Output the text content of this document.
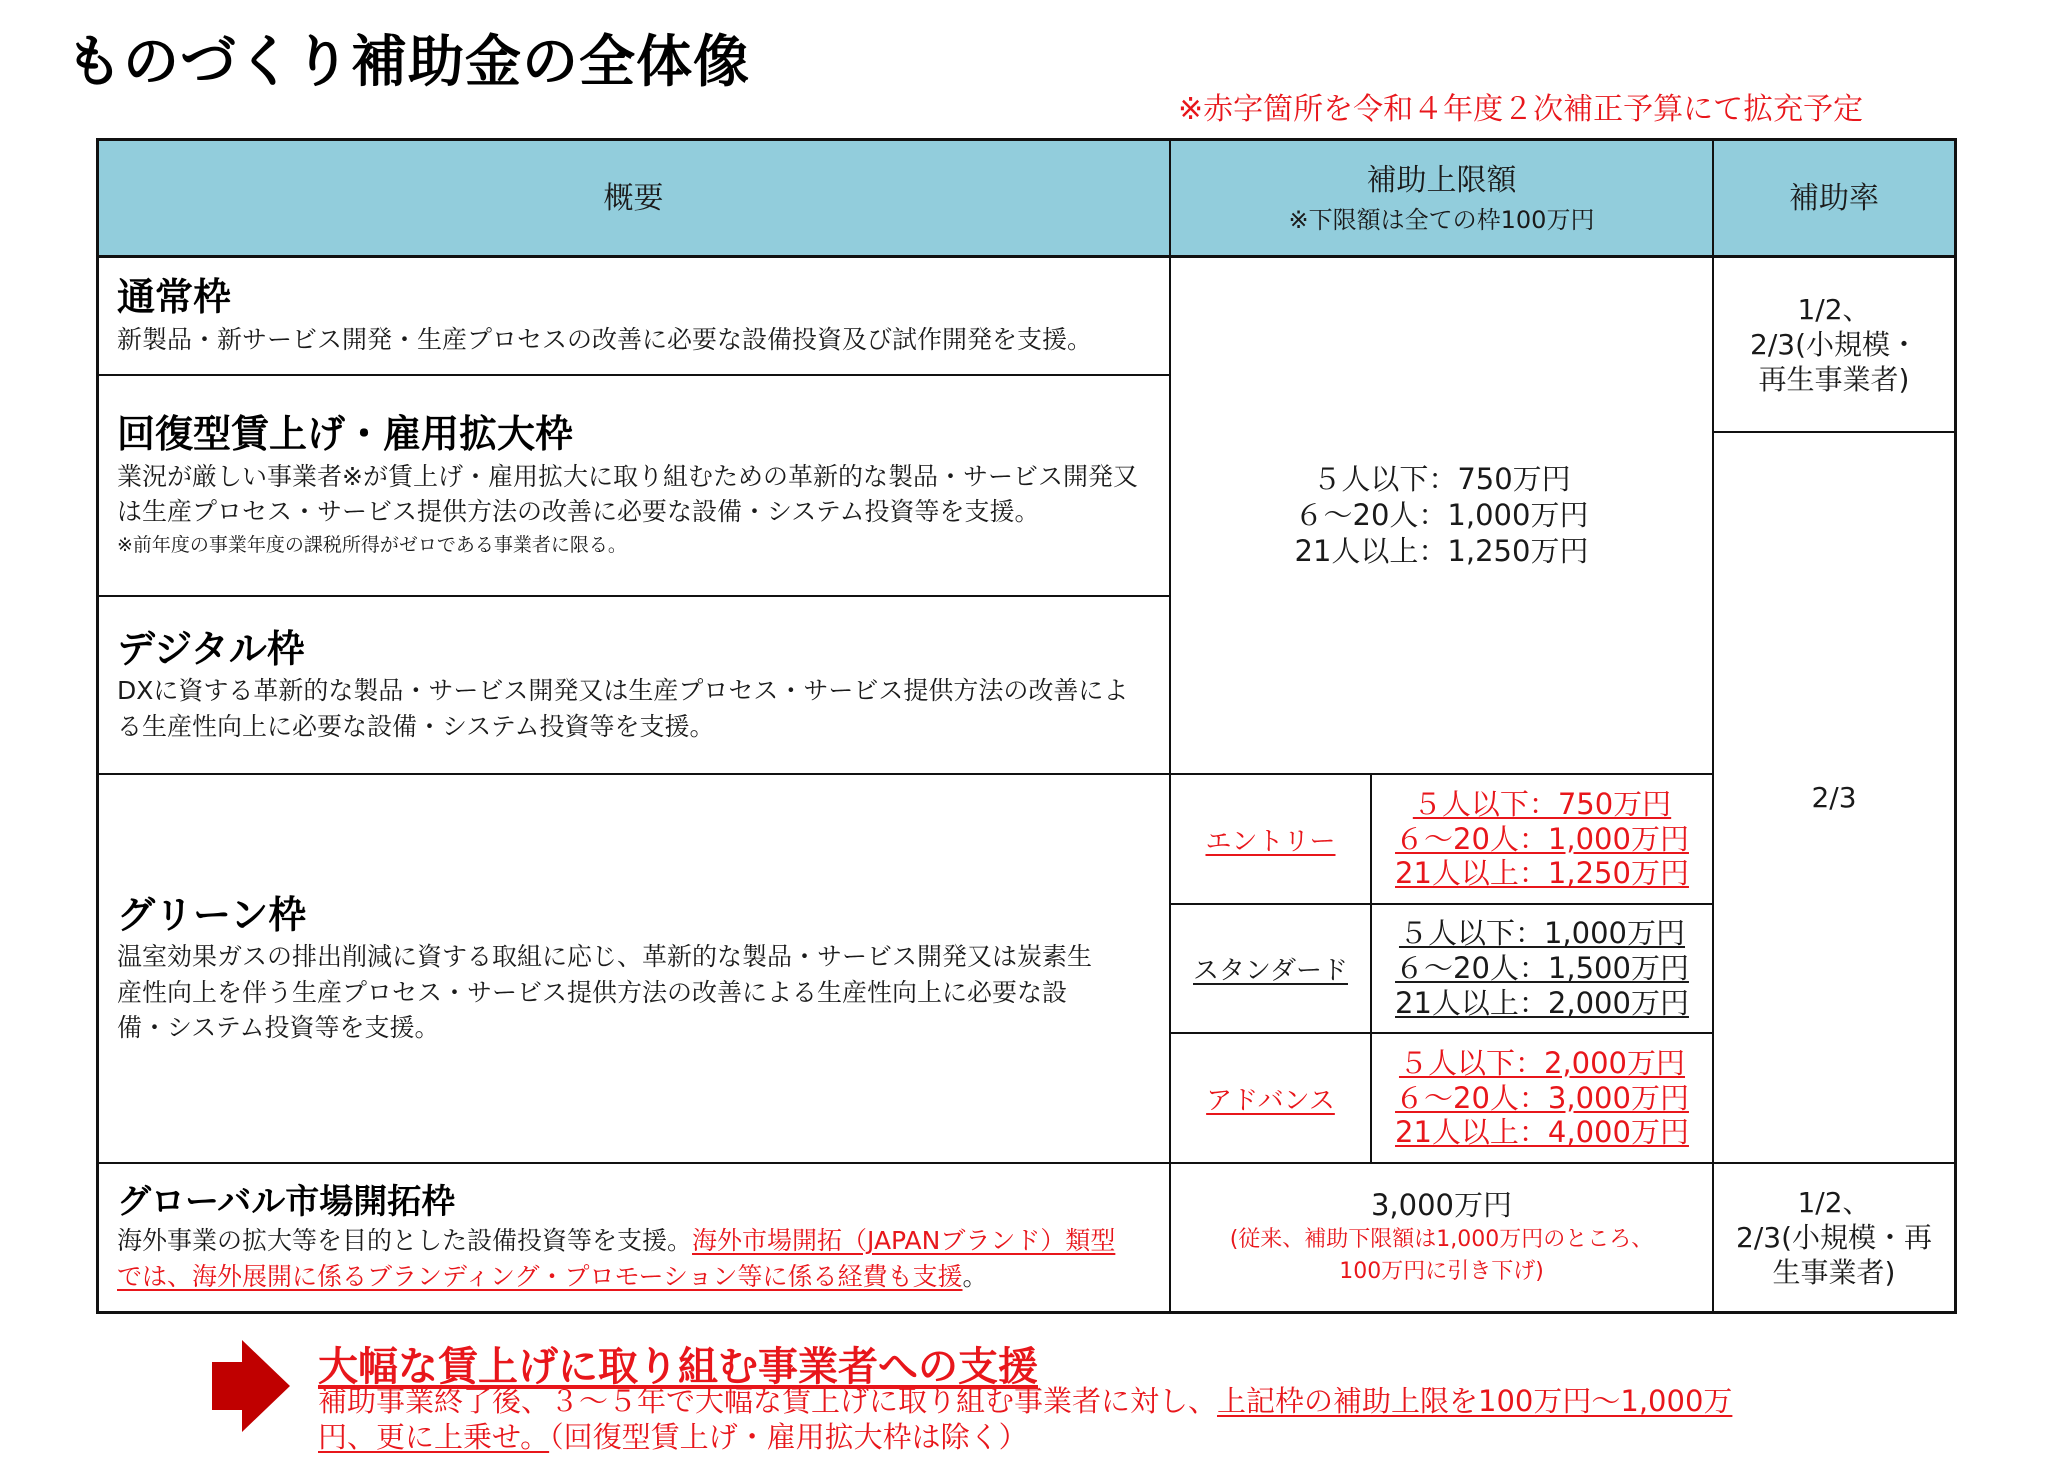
ものづくり補助金の全体像
※赤字箇所を令和４年度２次補正予算にて拡充予定
概要	補助上限額
※下限額は全ての枠100万円
補助率
通常枠
新製品・新サービス開発・生産プロセスの改善に必要な設備投資及び試作開発を支援。
回復型賃上げ・雇用拡大枠
業況が厳しい事業者※が賃上げ・雇用拡大に取り組むための革新的な製品・サービス開発又は生産プロセス・サービス提供方法の改善に必要な設備・システム投資等を支援。
※前年度の事業年度の課税所得がゼロである事業者に限る。
デジタル枠
DXに資する革新的な製品・サービス開発又は生産プロセス・サービス提供方法の改善による生産性向上に必要な設備・システム投資等を支援。
グリーン枠
温室効果ガスの排出削減に資する取組に応じ、革新的な製品・サービス開発又は炭素生産性向上を伴う生産プロセス・サービス提供方法の改善による生産性向上に必要な設備・システム投資等を支援。
グローバル市場開拓枠
海外事業の拡大等を目的とした設備投資等を支援。海外市場開拓（JAPANブランド）類型では、海外展開に係るブランディング・プロモーション等に係る経費も支援。
５人以下：750万円
６～20人：1,000万円
21人以上：1,250万円
エントリー
５人以下：750万円
６～20人：1,000万円
21人以上：1,250万円
スタンダード
５人以下：1,000万円
６～20人：1,500万円
21人以上：2,000万円
アドバンス
５人以下：2,000万円
６～20人：3,000万円
21人以上：4,000万円
3,000万円
(従来、補助下限額は1,000万円のところ、
100万円に引き下げ)
1/2、
2/3(小規模・
再生事業者)
2/3
1/2、
2/3(小規模・再
生事業者)
大幅な賃上げに取り組む事業者への支援
補助事業終了後、３～５年で大幅な賃上げに取り組む事業者に対し、上記枠の補助上限を100万円～1,000万円、更に上乗せ。（回復型賃上げ・雇用拡大枠は除く）
